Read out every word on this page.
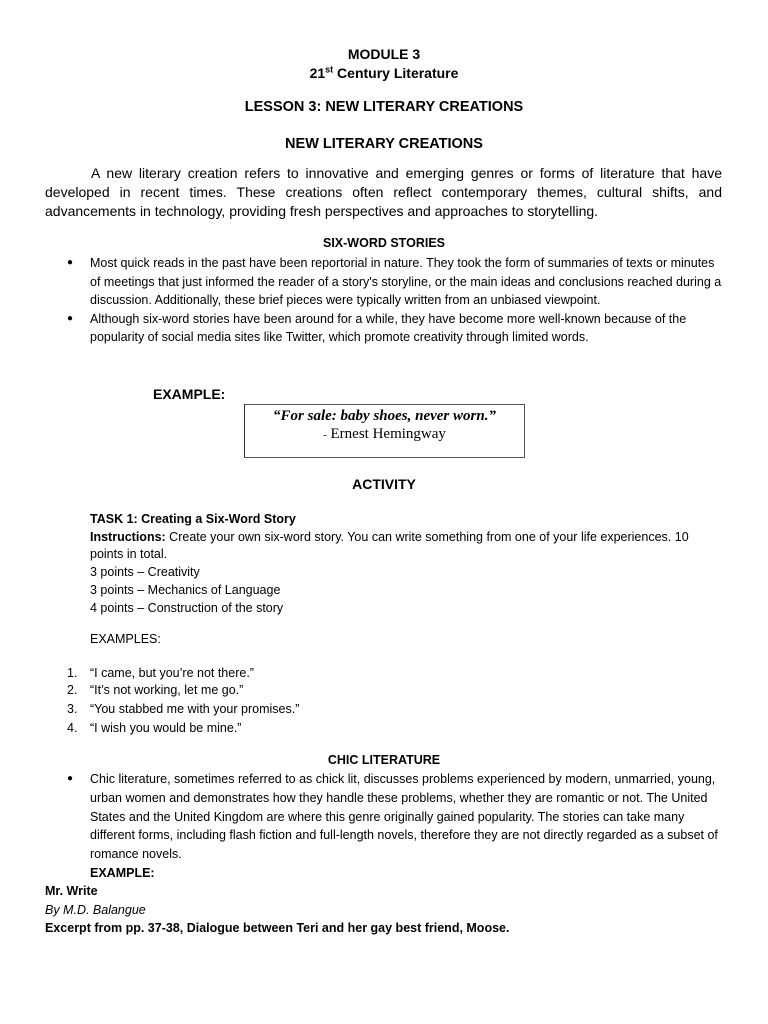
MODULE 3
21st Century Literature
LESSON 3: NEW LITERARY CREATIONS
NEW LITERARY CREATIONS
A new literary creation refers to innovative and emerging genres or forms of literature that have developed in recent times. These creations often reflect contemporary themes, cultural shifts, and advancements in technology, providing fresh perspectives and approaches to storytelling.
SIX-WORD STORIES
● Most quick reads in the past have been reportorial in nature. They took the form of summaries of texts or minutes of meetings that just informed the reader of a story's storyline, or the main ideas and conclusions reached during a discussion. Additionally, these brief pieces were typically written from an unbiased viewpoint.
● Although six-word stories have been around for a while, they have become more well-known because of the popularity of social media sites like Twitter, which promote creativity through limited words.
EXAMPLE:
“For sale: baby shoes, never worn.”
- Ernest Hemingway
ACTIVITY
TASK 1: Creating a Six-Word Story
Instructions: Create your own six-word story. You can write something from one of your life experiences. 10 points in total.
3 points – Creativity
3 points – Mechanics of Language
4 points – Construction of the story
EXAMPLES:
1. “I came, but you’re not there.”
2. “It’s not working, let me go.”
3. “You stabbed me with your promises.”
4. “I wish you would be mine.”
CHIC LITERATURE
● Chic literature, sometimes referred to as chick lit, discusses problems experienced by modern, unmarried, young, urban women and demonstrates how they handle these problems, whether they are romantic or not. The United States and the United Kingdom are where this genre originally gained popularity. The stories can take many different forms, including flash fiction and full-length novels, therefore they are not directly regarded as a subset of romance novels.
EXAMPLE:
Mr. Write
By M.D. Balangue
Excerpt from pp. 37-38, Dialogue between Teri and her gay best friend, Moose.
